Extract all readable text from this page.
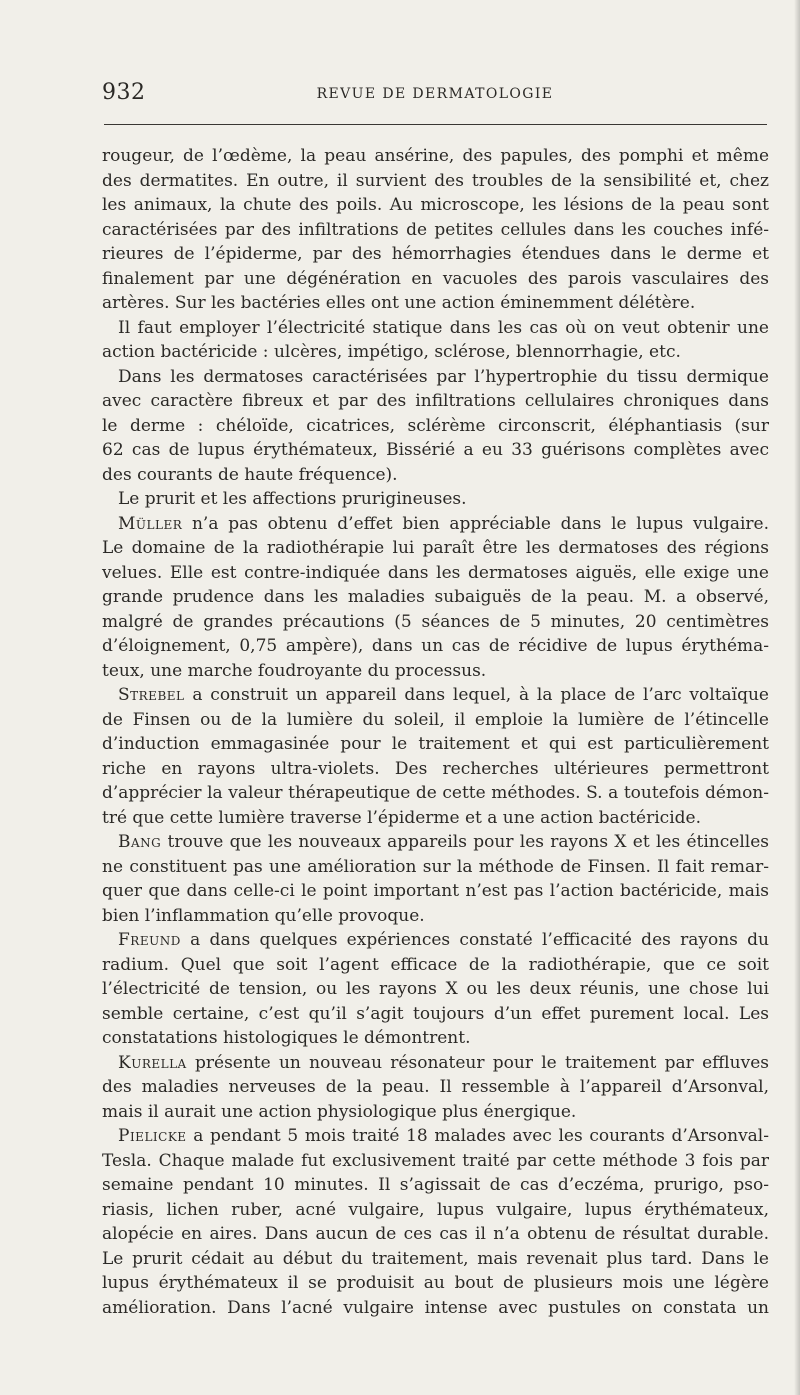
932	REVUE DE DERMATOLOGIE
rougeur, de l’œdème, la peau ansérine, des papules, des pomphi et même
des dermatites. En outre, il survient des troubles de la sensibilité et, chez
les animaux, la chute des poils. Au microscope, les lésions de la peau sont
caractérisées par des infiltrations de petites cellules dans les couches infé-
rieures de l’épiderme, par des hémorrhagies étendues dans le derme et
finalement par une dégénération en vacuoles des parois vasculaires des
artères. Sur les bactéries elles ont une action éminemment délétère.
Il faut employer l’électricité statique dans les cas où on veut obtenir une
action bactéricide : ulcères, impétigo, sclérose, blennorrhagie, etc.
Dans les dermatoses caractérisées par l’hypertrophie du tissu dermique
avec caractère fibreux et par des infiltrations cellulaires chroniques dans
le derme : chéloïde, cicatrices, sclérème circonscrit, éléphantiasis (sur
62 cas de lupus érythémateux, Bissérié a eu 33 guérisons complètes avec
des courants de haute fréquence).
Le prurit et les affections prurigineuses.
Müller n’a pas obtenu d’effet bien appréciable dans le lupus vulgaire.
Le domaine de la radiothérapie lui paraît être les dermatoses des régions
velues. Elle est contre-indiquée dans les dermatoses aiguës, elle exige une
grande prudence dans les maladies subaiguës de la peau. M. a observé,
malgré de grandes précautions (5 séances de 5 minutes, 20 centimètres
d’éloignement, 0,75 ampère), dans un cas de récidive de lupus érythéma-
teux, une marche foudroyante du processus.
Strebel a construit un appareil dans lequel, à la place de l’arc voltaïque
de Finsen ou de la lumière du soleil, il emploie la lumière de l’étincelle
d’induction emmagasinée pour le traitement et qui est particulièrement
riche en rayons ultra-violets. Des recherches ultérieures permettront
d’apprécier la valeur thérapeutique de cette méthodes. S. a toutefois démon-
tré que cette lumière traverse l’épiderme et a une action bactéricide.
Bang trouve que les nouveaux appareils pour les rayons X et les étincelles
ne constituent pas une amélioration sur la méthode de Finsen. Il fait remar-
quer que dans celle-ci le point important n’est pas l’action bactéricide, mais
bien l’inflammation qu’elle provoque.
Freund a dans quelques expériences constaté l’efficacité des rayons du
radium. Quel que soit l’agent efficace de la radiothérapie, que ce soit
l’électricité de tension, ou les rayons X ou les deux réunis, une chose lui
semble certaine, c’est qu’il s’agit toujours d’un effet purement local. Les
constatations histologiques le démontrent.
Kurella présente un nouveau résonateur pour le traitement par effluves
des maladies nerveuses de la peau. Il ressemble à l’appareil d’Arsonval,
mais il aurait une action physiologique plus énergique.
Pielicke a pendant 5 mois traité 18 malades avec les courants d’Arsonval-
Tesla. Chaque malade fut exclusivement traité par cette méthode 3 fois par
semaine pendant 10 minutes. Il s’agissait de cas d’eczéma, prurigo, pso-
riasis, lichen ruber, acné vulgaire, lupus vulgaire, lupus érythémateux,
alopécie en aires. Dans aucun de ces cas il n’a obtenu de résultat durable.
Le prurit cédait au début du traitement, mais revenait plus tard. Dans le
lupus érythémateux il se produisit au bout de plusieurs mois une légère
amélioration. Dans l’acné vulgaire intense avec pustules on constata un
